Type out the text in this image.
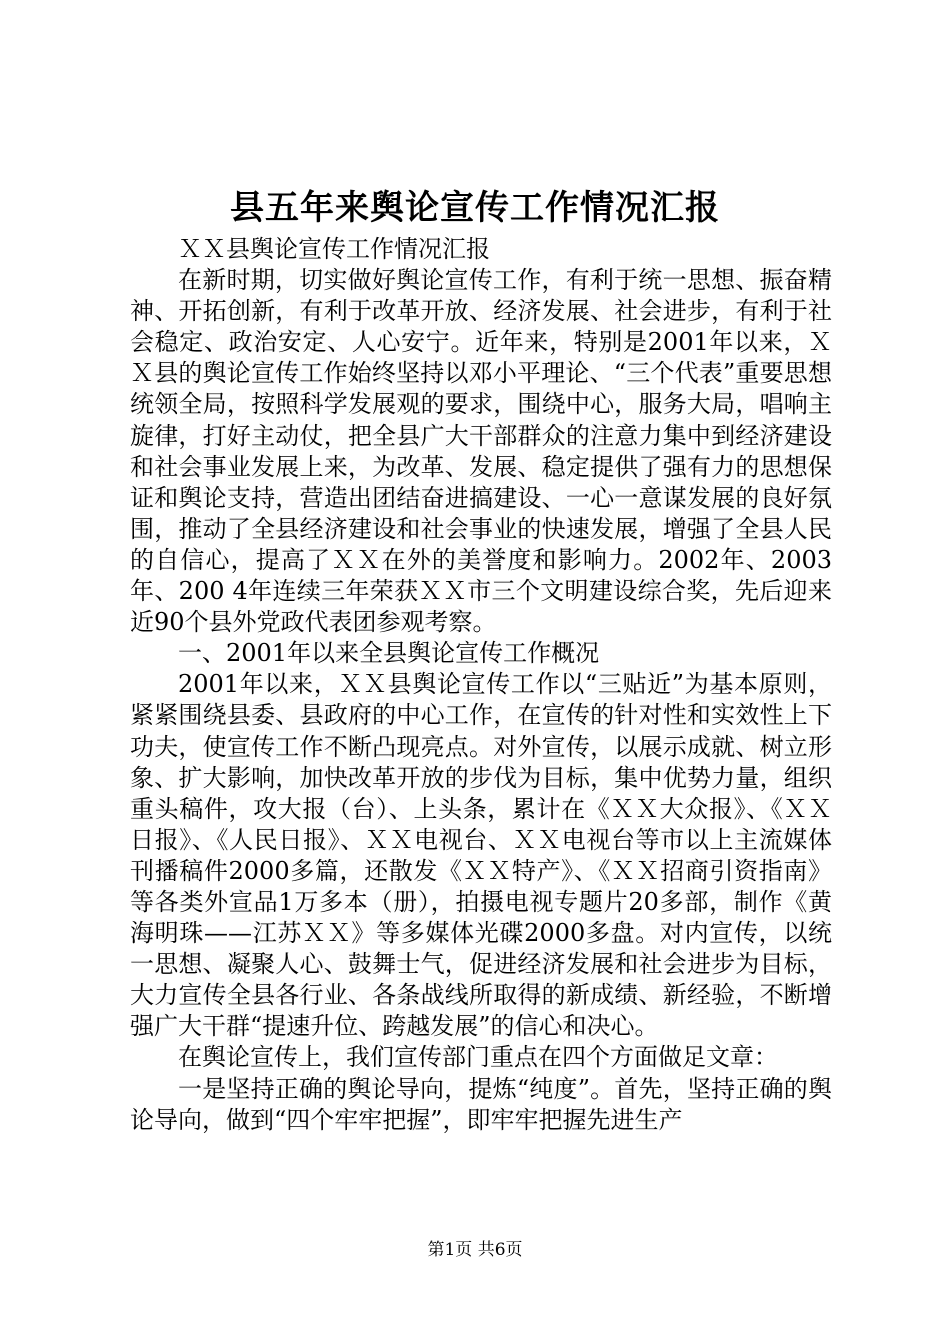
县五年来舆论宣传工作情况汇报

ＸＸ县舆论宣传工作情况汇报

在新时期，切实做好舆论宣传工作，有利于统一思想、振奋精神、开拓创新，有利于改革开放、经济发展、社会进步，有利于社会稳定、政治安定、人心安宁。近年来，特别是2001年以来，ＸＸ县的舆论宣传工作始终坚持以邓小平理论、“三个代表”重要思想统领全局，按照科学发展观的要求，围绕中心，服务大局，唱响主旋律，打好主动仗，把全县广大干部群众的注意力集中到经济建设和社会事业发展上来，为改革、发展、稳定提供了强有力的思想保证和舆论支持，营造出团结奋进搞建设、一心一意谋发展的良好氛围，推动了全县经济建设和社会事业的快速发展，增强了全县人民的自信心，提高了ＸＸ在外的美誉度和影响力。2002年、2003年、200 4年连续三年荣获ＸＸ市三个文明建设综合奖，先后迎来近90个县外党政代表团参观考察。

一、2001年以来全县舆论宣传工作概况

2001年以来，ＸＸ县舆论宣传工作以“三贴近”为基本原则，紧紧围绕县委、县政府的中心工作，在宣传的针对性和实效性上下功夫，使宣传工作不断凸现亮点。对外宣传，以展示成就、树立形象、扩大影响，加快改革开放的步伐为目标，集中优势力量，组织重头稿件，攻大报（台）、上头条，累计在《ＸＸ大众报》、《ＸＸ日报》、《人民日报》、ＸＸ电视台、ＸＸ电视台等市以上主流媒体刊播稿件2000多篇，还散发《ＸＸ特产》、《ＸＸ招商引资指南》等各类外宣品1万多本（册），拍摄电视专题片20多部，制作《黄海明珠——江苏ＸＸ》等多媒体光碟2000多盘。对内宣传，以统一思想、凝聚人心、鼓舞士气，促进经济发展和社会进步为目标，大力宣传全县各行业、各条战线所取得的新成绩、新经验，不断增强广大干群“提速升位、跨越发展”的信心和决心。

在舆论宣传上，我们宣传部门重点在四个方面做足文章：

一是坚持正确的舆论导向，提炼“纯度”。首先，坚持正确的舆论导向，做到“四个牢牢把握”，即牢牢把握先进生产

第1页 共6页
